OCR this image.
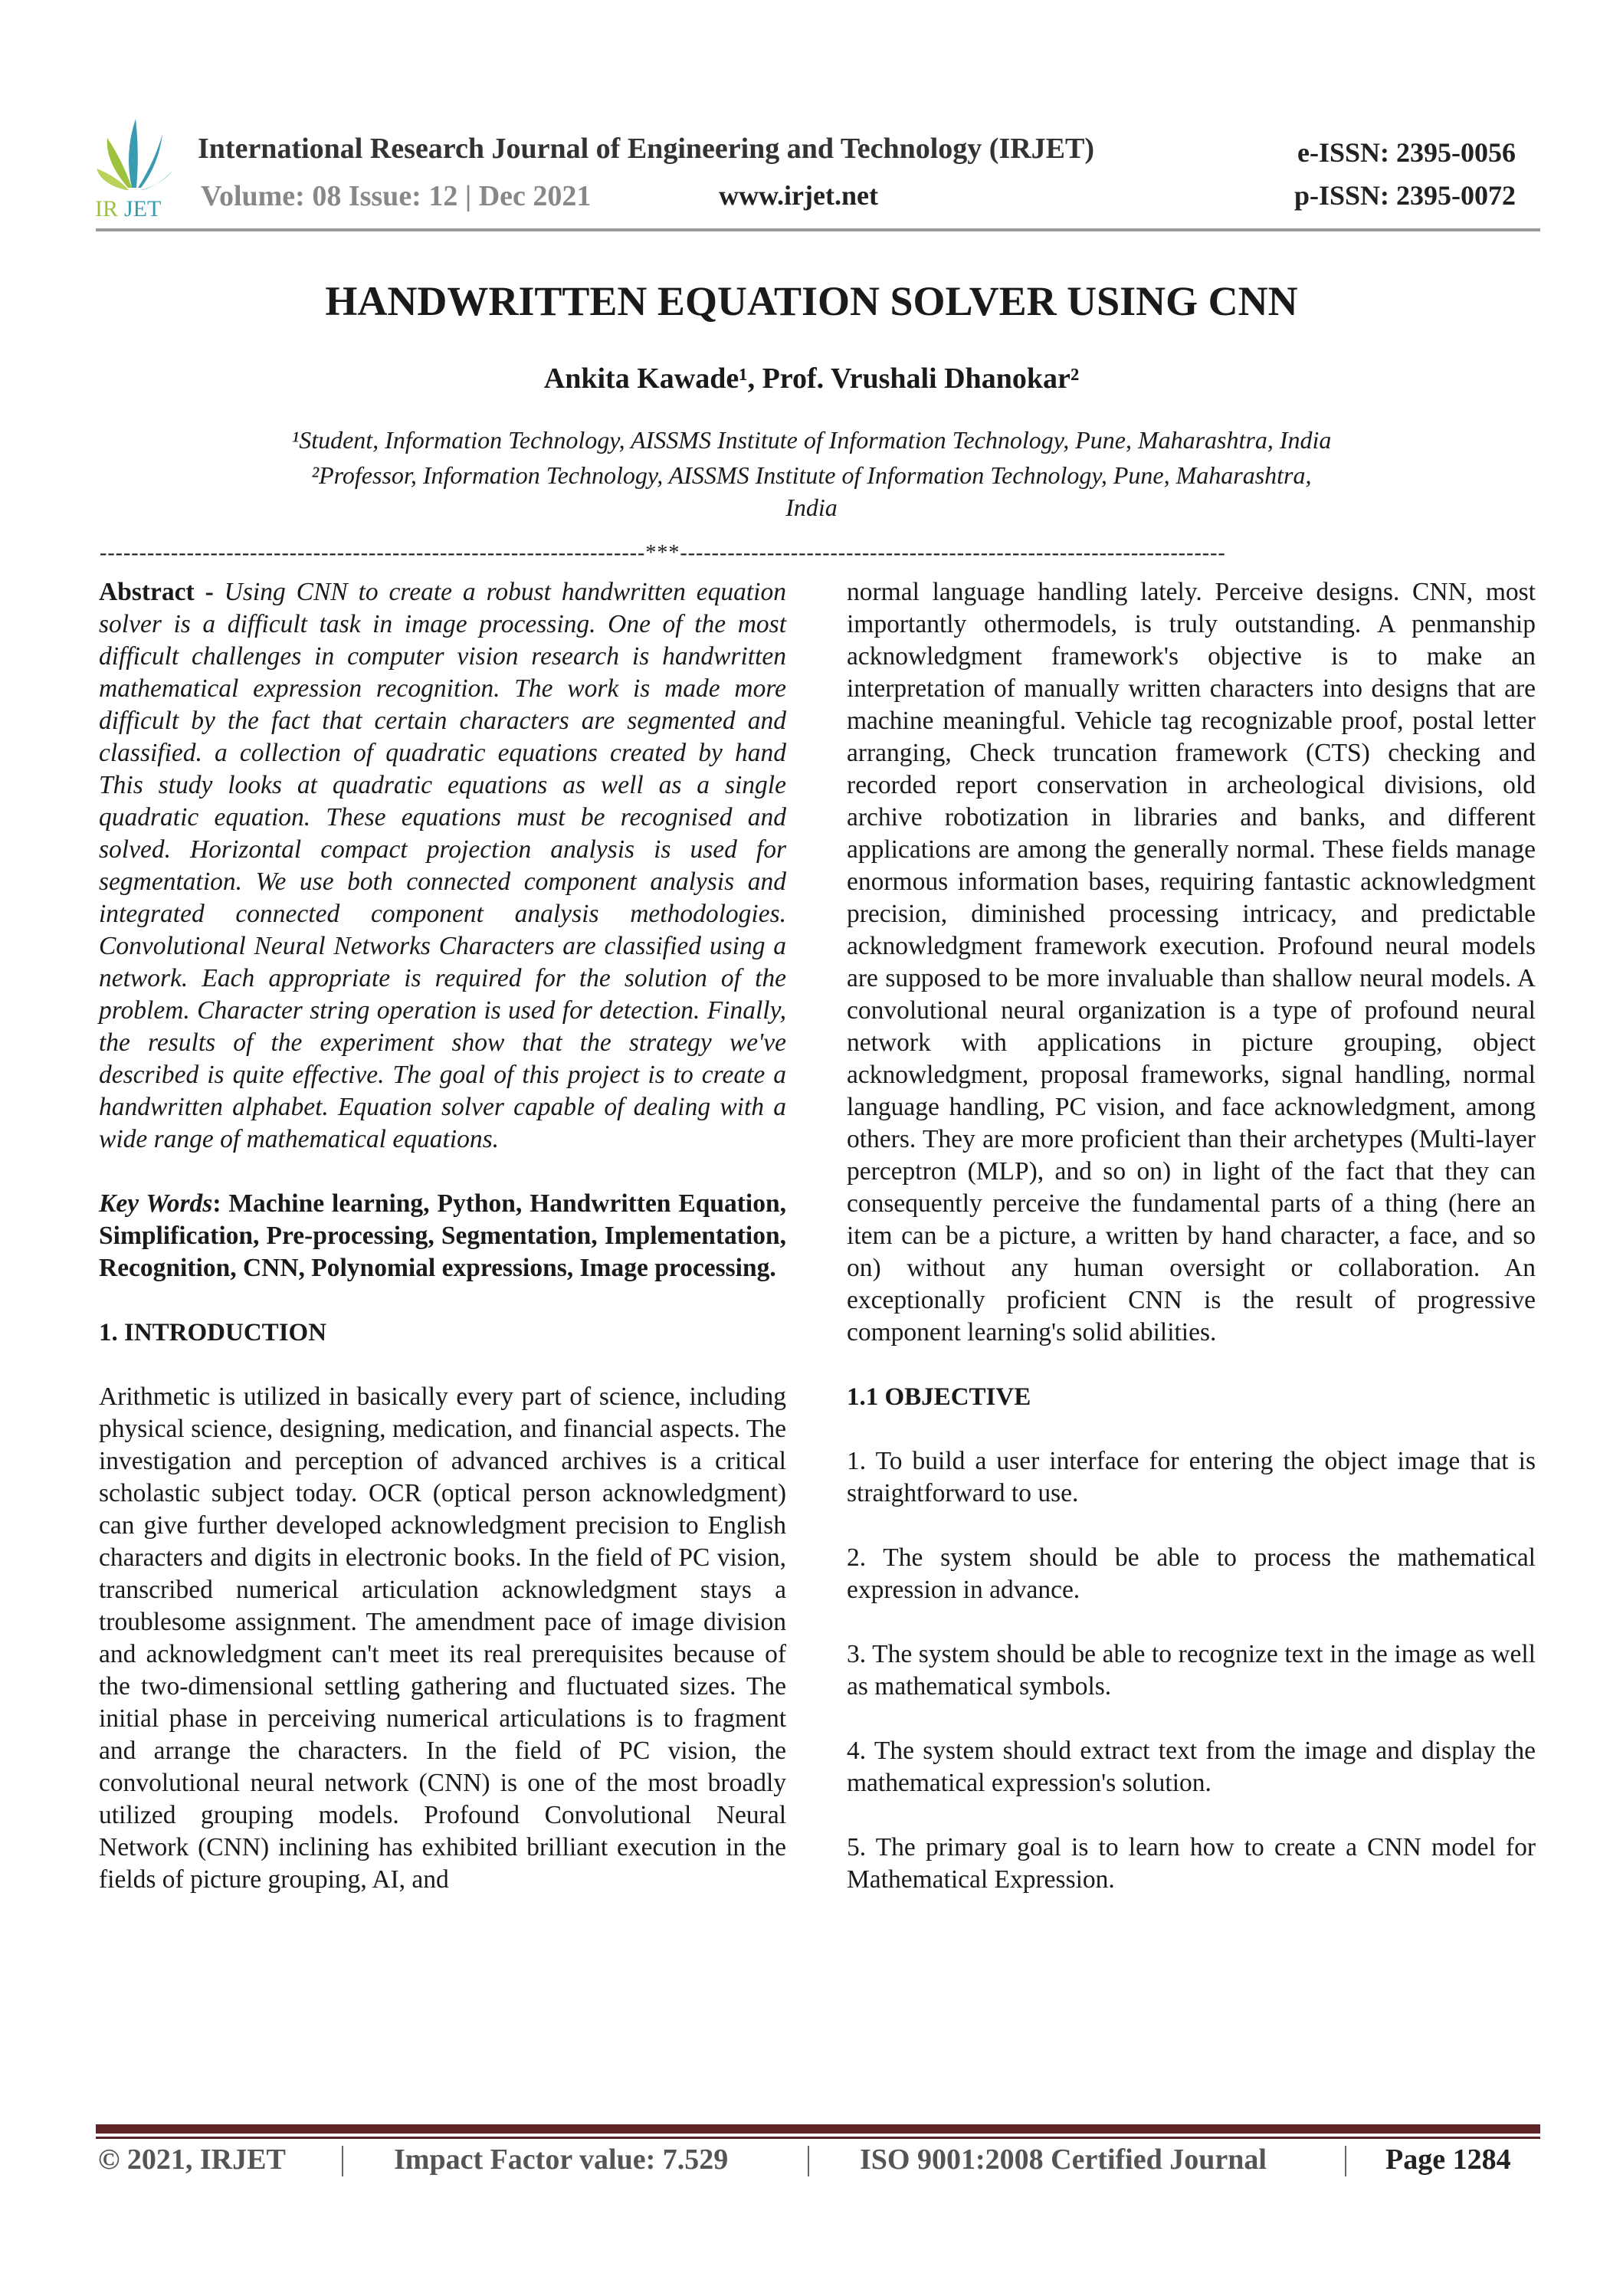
IR JET
International Research Journal of Engineering and Technology (IRJET)
Volume: 08 Issue: 12 | Dec 2021	www.irjet.net
e-ISSN: 2395-0056
p-ISSN: 2395-0072
HANDWRITTEN EQUATION SOLVER USING CNN
Ankita Kawade¹, Prof. Vrushali Dhanokar²
¹Student, Information Technology, AISSMS Institute of Information Technology, Pune, Maharashtra, India
²Professor, Information Technology, AISSMS Institute of Information Technology, Pune, Maharashtra,
India
---------------------------------------------------------------------***---------------------------------------------------------------------

Abstract - Using CNN to create a robust handwritten equation solver is a difficult task in image processing. One of the most difficult challenges in computer vision research is handwritten mathematical expression recognition. The work is made more difficult by the fact that certain characters are segmented and classified. a collection of quadratic equations created by hand This study looks at quadratic equations as well as a single quadratic equation. These equations must be recognised and solved. Horizontal compact projection analysis is used for segmentation. We use both connected component analysis and integrated connected component analysis methodologies. Convolutional Neural Networks Characters are classified using a network. Each appropriate is required for the solution of the problem. Character string operation is used for detection. Finally, the results of the experiment show that the strategy we've described is quite effective. The goal of this project is to create a handwritten alphabet. Equation solver capable of dealing with a wide range of mathematical equations.

Key Words: Machine learning, Python, Handwritten Equation, Simplification, Pre-processing, Segmentation, Implementation, Recognition, CNN, Polynomial expressions, Image processing.

1. INTRODUCTION

Arithmetic is utilized in basically every part of science, including physical science, designing, medication, and financial aspects. The investigation and perception of advanced archives is a critical scholastic subject today. OCR (optical person acknowledgment) can give further developed acknowledgment precision to English characters and digits in electronic books. In the field of PC vision, transcribed numerical articulation acknowledgment stays a troublesome assignment. The amendment pace of image division and acknowledgment can't meet its real prerequisites because of the two-dimensional settling gathering and fluctuated sizes. The initial phase in perceiving numerical articulations is to fragment and arrange the characters. In the field of PC vision, the convolutional neural network (CNN) is one of the most broadly utilized grouping models. Profound Convolutional Neural Network (CNN) inclining has exhibited brilliant execution in the fields of picture grouping, AI, and

normal language handling lately. Perceive designs. CNN, most importantly othermodels, is truly outstanding. A penmanship acknowledgment framework's objective is to make an interpretation of manually written characters into designs that are machine meaningful. Vehicle tag recognizable proof, postal letter arranging, Check truncation framework (CTS) checking and recorded report conservation in archeological divisions, old archive robotization in libraries and banks, and different applications are among the generally normal. These fields manage enormous information bases, requiring fantastic acknowledgment precision, diminished processing intricacy, and predictable acknowledgment framework execution. Profound neural models are supposed to be more invaluable than shallow neural models. A convolutional neural organization is a type of profound neural network with applications in picture grouping, object acknowledgment, proposal frameworks, signal handling, normal language handling, PC vision, and face acknowledgment, among others. They are more proficient than their archetypes (Multi-layer perceptron (MLP), and so on) in light of the fact that they can consequently perceive the fundamental parts of a thing (here an item can be a picture, a written by hand character, a face, and so on) without any human oversight or collaboration. An exceptionally proficient CNN is the result of progressive component learning's solid abilities.

1.1 OBJECTIVE

1. To build a user interface for entering the object image that is straightforward to use.

2. The system should be able to process the mathematical expression in advance.

3. The system should be able to recognize text in the image as well as mathematical symbols.

4. The system should extract text from the image and display the mathematical expression's solution.

5. The primary goal is to learn how to create a CNN model for Mathematical Expression.

© 2021, IRJET	Impact Factor value: 7.529	ISO 9001:2008 Certified Journal	Page 1284
